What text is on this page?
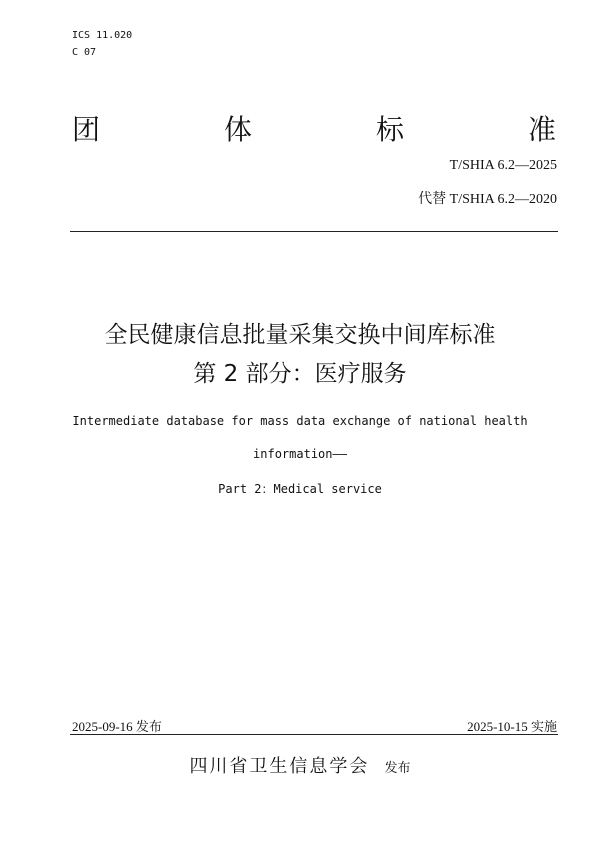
ICS 11.020
C 07
团	体	标	准
T/SHIA 6.2—2025
代替 T/SHIA 6.2—2020
全民健康信息批量采集交换中间库标准
第 2 部分：医疗服务
Intermediate database for mass data exchange of national health
information——
Part 2：Medical service
2025-09-16 发布	2025-10-15 实施
四川省卫生信息学会 发布
